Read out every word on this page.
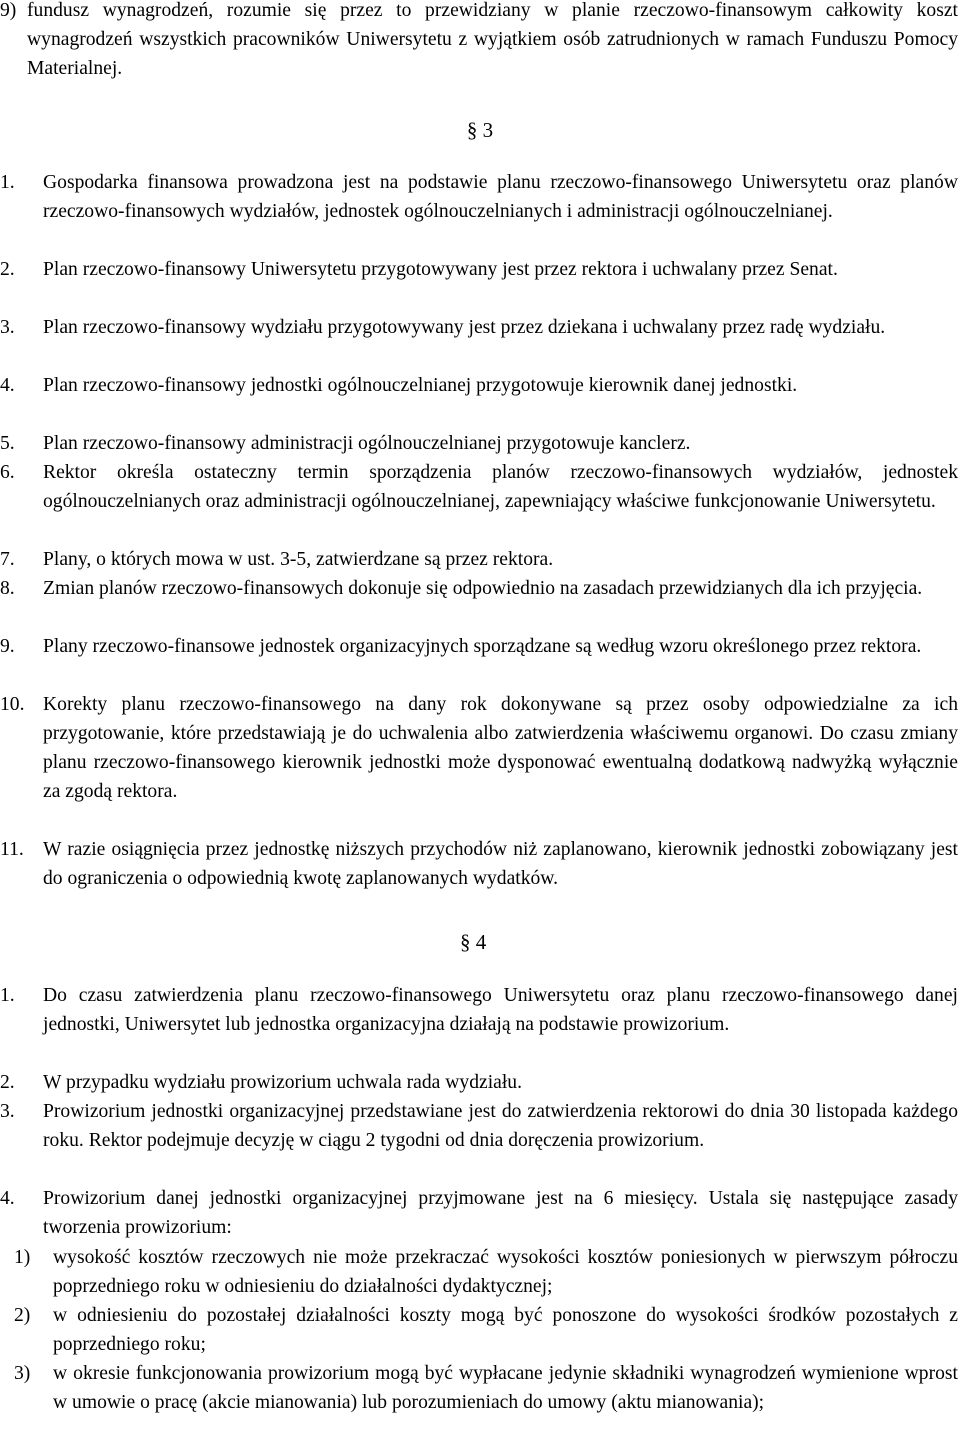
9) fundusz wynagrodzeń, rozumie się przez to przewidziany w planie rzeczowo-finansowym całkowity koszt wynagrodzeń wszystkich pracowników Uniwersytetu z wyjątkiem osób zatrudnionych w ramach Funduszu Pomocy Materialnej.
§ 3
1. Gospodarka finansowa prowadzona jest na podstawie planu rzeczowo-finansowego Uniwersytetu oraz planów rzeczowo-finansowych wydziałów, jednostek ogólnouczelnianych i administracji ogólnouczelnianej.
2. Plan rzeczowo-finansowy Uniwersytetu przygotowywany jest przez rektora i uchwalany przez Senat.
3. Plan rzeczowo-finansowy wydziału przygotowywany jest przez dziekana i uchwalany przez radę wydziału.
4. Plan rzeczowo-finansowy jednostki ogólnouczelnianej przygotowuje kierownik danej jednostki.
5. Plan rzeczowo-finansowy administracji ogólnouczelnianej przygotowuje kanclerz.
6. Rektor określa ostateczny termin sporządzenia planów rzeczowo-finansowych wydziałów, jednostek ogólnouczelnianych oraz administracji ogólnouczelnianej, zapewniający właściwe funkcjonowanie Uniwersytetu.
7. Plany, o których mowa w ust. 3-5, zatwierdzane są przez rektora.
8. Zmian planów rzeczowo-finansowych dokonuje się odpowiednio na zasadach przewidzianych dla ich przyjęcia.
9. Plany rzeczowo-finansowe jednostek organizacyjnych sporządzane są według wzoru określonego przez rektora.
10. Korekty planu rzeczowo-finansowego na dany rok dokonywane są przez osoby odpowiedzialne za ich przygotowanie, które przedstawiają je do uchwalenia albo zatwierdzenia właściwemu organowi. Do czasu zmiany planu rzeczowo-finansowego kierownik jednostki może dysponować ewentualną dodatkową nadwyżką wyłącznie za zgodą rektora.
11. W razie osiągnięcia przez jednostkę niższych przychodów niż zaplanowano, kierownik jednostki zobowiązany jest do ograniczenia o odpowiednią kwotę zaplanowanych wydatków.
§ 4
1. Do czasu zatwierdzenia planu rzeczowo-finansowego Uniwersytetu oraz planu rzeczowo-finansowego danej jednostki, Uniwersytet lub jednostka organizacyjna działają na podstawie prowizorium.
2. W przypadku wydziału prowizorium uchwala rada wydziału.
3. Prowizorium jednostki organizacyjnej przedstawiane jest do zatwierdzenia rektorowi do dnia 30 listopada każdego roku. Rektor podejmuje decyzję w ciągu 2 tygodni od dnia doręczenia prowizorium.
4. Prowizorium danej jednostki organizacyjnej przyjmowane jest na 6 miesięcy. Ustala się następujące zasady tworzenia prowizorium:
1) wysokość kosztów rzeczowych nie może przekraczać wysokości kosztów poniesionych w pierwszym półroczu poprzedniego roku w odniesieniu do działalności dydaktycznej;
2) w odniesieniu do pozostałej działalności koszty mogą być ponoszone do wysokości środków pozostałych z poprzedniego roku;
3) w okresie funkcjonowania prowizorium mogą być wypłacane jedynie składniki wynagrodzeń wymienione wprost w umowie o pracę (akcie mianowania) lub porozumieniach do umowy (aktu mianowania);
